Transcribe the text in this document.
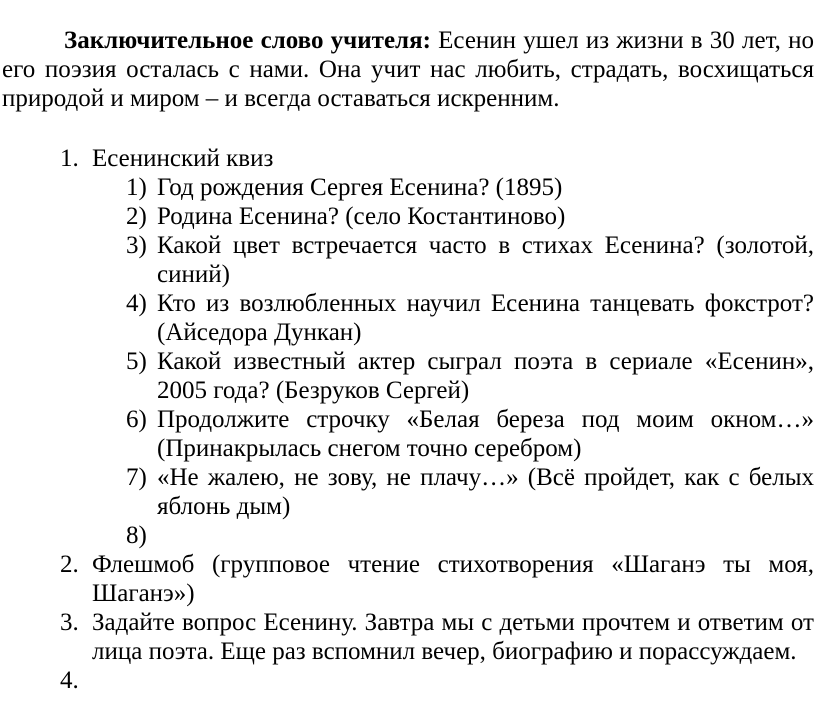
Заключительное слово учителя: Есенин ушел из жизни в 30 лет, но его поэзия осталась с нами. Она учит нас любить, страдать, восхищаться природой и миром – и всегда оставаться искренним.
1. Есенинский квиз
1) Год рождения Сергея Есенина? (1895)
2) Родина Есенина? (село Костантиново)
3) Какой цвет встречается часто в стихах Есенина? (золотой, синий)
4) Кто из возлюбленных научил Есенина танцевать фокстрот? (Айседора Дункан)
5) Какой известный актер сыграл поэта в сериале «Есенин», 2005 года? (Безруков Сергей)
6) Продолжите строчку «Белая береза под моим окном…» (Принакрылась снегом точно серебром)
7) «Не жалею, не зову, не плачу…» (Всё пройдет, как с белых яблонь дым)
8)
2. Флешмоб (групповое чтение стихотворения «Шаганэ ты моя, Шаганэ»)
3. Задайте вопрос Есенину. Завтра мы с детьми прочтем и ответим от лица поэта. Еще раз вспомнил вечер, биографию и порассуждаем.
4.
